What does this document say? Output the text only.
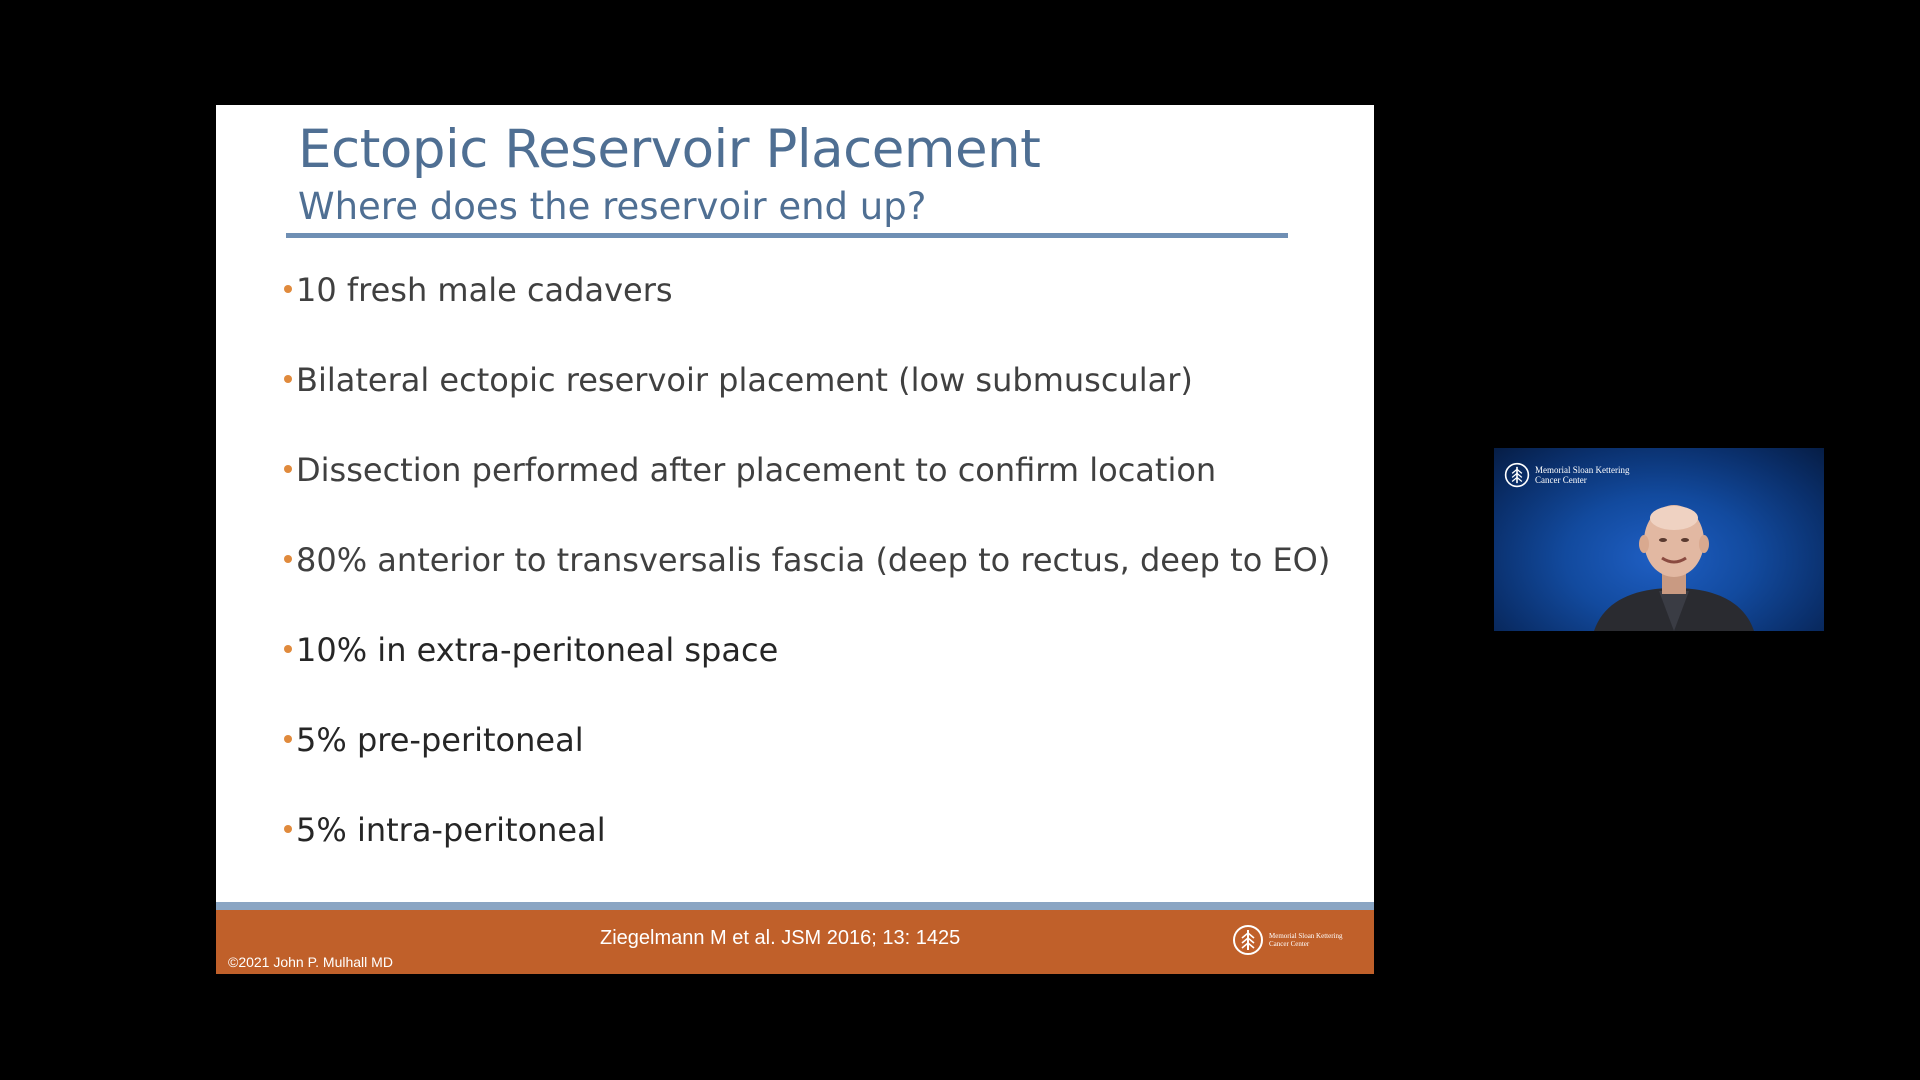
Ectopic Reservoir Placement
Where does the reservoir end up?
10 fresh male cadavers
Bilateral ectopic reservoir placement (low submuscular)
Dissection performed after placement to confirm location
80% anterior to transversalis fascia (deep to rectus, deep to EO)
10% in extra-peritoneal space
5% pre-peritoneal
5% intra-peritoneal
©2021 John P. Mulhall MD
Ziegelmann M et al. JSM 2016; 13: 1425	Memorial Sloan Kettering
Cancer Center
Memorial Sloan Kettering
Cancer Center
